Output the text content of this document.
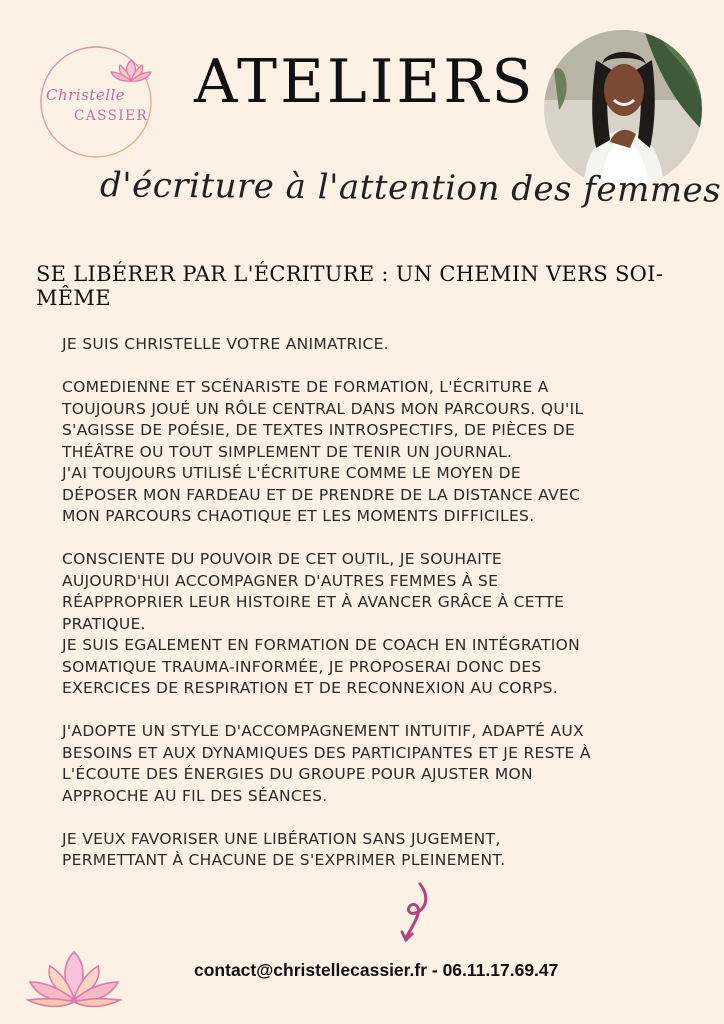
Christelle
CASSIER ATELIERS
d'écriture à l'attention des femmes
SE LIBÉRER PAR L'ÉCRITURE : UN CHEMIN VERS SOI-MÊME

JE SUIS CHRISTELLE VOTRE ANIMATRICE.

COMEDIENNE ET SCÉNARISTE DE FORMATION, L'ÉCRITURE A
TOUJOURS JOUÉ UN RÔLE CENTRAL DANS MON PARCOURS. QU'IL
S'AGISSE DE POÉSIE, DE TEXTES INTROSPECTIFS, DE PIÈCES DE
THÉÂTRE OU TOUT SIMPLEMENT DE TENIR UN JOURNAL.
J'AI TOUJOURS UTILISÉ L'ÉCRITURE COMME LE MOYEN DE
DÉPOSER MON FARDEAU ET DE PRENDRE DE LA DISTANCE AVEC
MON PARCOURS CHAOTIQUE ET LES MOMENTS DIFFICILES.

CONSCIENTE DU POUVOIR DE CET OUTIL, JE SOUHAITE
AUJOURD'HUI ACCOMPAGNER D'AUTRES FEMMES À SE
RÉAPPROPRIER LEUR HISTOIRE ET À AVANCER GRÂCE À CETTE
PRATIQUE.
JE SUIS EGALEMENT EN FORMATION DE COACH EN INTÉGRATION
SOMATIQUE TRAUMA-INFORMÉE, JE PROPOSERAI DONC DES
EXERCICES DE RESPIRATION ET DE RECONNEXION AU CORPS.

J'ADOPTE UN STYLE D'ACCOMPAGNEMENT INTUITIF, ADAPTÉ AUX
BESOINS ET AUX DYNAMIQUES DES PARTICIPANTES ET JE RESTE À
L'ÉCOUTE DES ÉNERGIES DU GROUPE POUR AJUSTER MON
APPROCHE AU FIL DES SÉANCES.

JE VEUX FAVORISER UNE LIBÉRATION SANS JUGEMENT,
PERMETTANT À CHACUNE DE S'EXPRIMER PLEINEMENT.

contact@christellecassier.fr - 06.11.17.69.47
